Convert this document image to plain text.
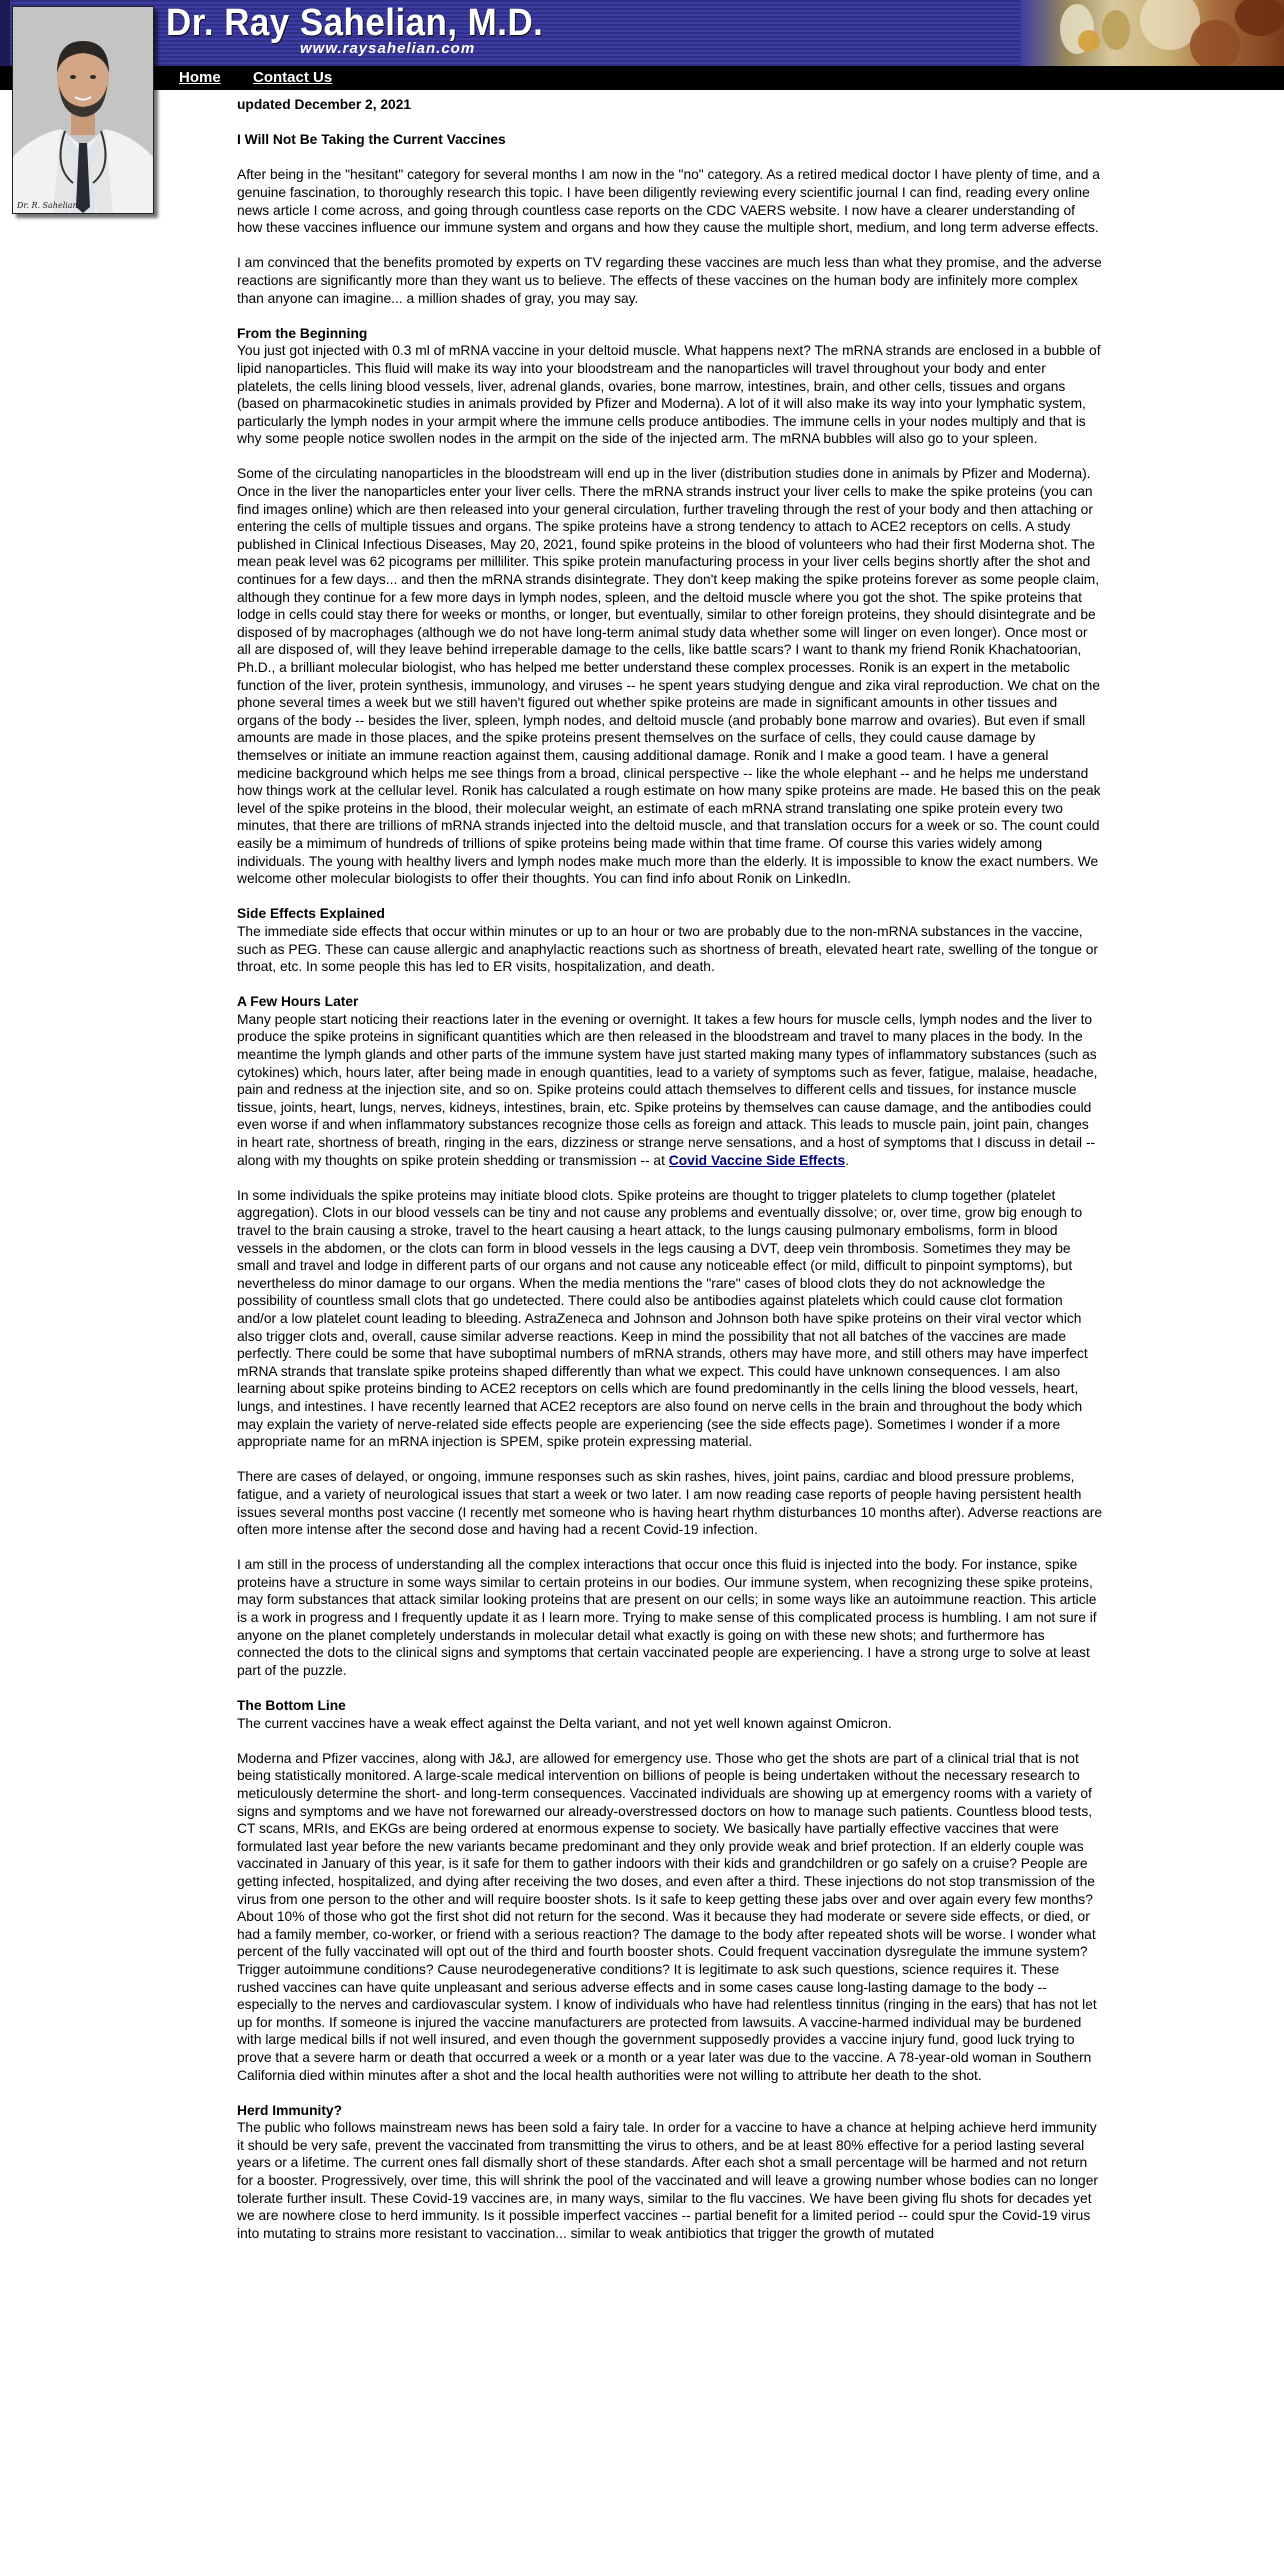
Dr. Ray Sahelian, M.D.
www.raysahelian.com
Home Contact Us
Dr. R. Sahelian

updated December 2, 2021

I Will Not Be Taking the Current Vaccines

After being in the "hesitant" category for several months I am now in the "no" category. As a retired medical doctor I have plenty of time, and a genuine fascination, to thoroughly research this topic. I have been diligently reviewing every scientific journal I can find, reading every online news article I come across, and going through countless case reports on the CDC VAERS website. I now have a clearer understanding of how these vaccines influence our immune system and organs and how they cause the multiple short, medium, and long term adverse effects.

I am convinced that the benefits promoted by experts on TV regarding these vaccines are much less than what they promise, and the adverse reactions are significantly more than they want us to believe. The effects of these vaccines on the human body are infinitely more complex than anyone can imagine... a million shades of gray, you may say.

From the Beginning

You just got injected with 0.3 ml of mRNA vaccine in your deltoid muscle. What happens next? The mRNA strands are enclosed in a bubble of lipid nanoparticles. This fluid will make its way into your bloodstream and the nanoparticles will travel throughout your body and enter platelets, the cells lining blood vessels, liver, adrenal glands, ovaries, bone marrow, intestines, brain, and other cells, tissues and organs (based on pharmacokinetic studies in animals provided by Pfizer and Moderna). A lot of it will also make its way into your lymphatic system, particularly the lymph nodes in your armpit where the immune cells produce antibodies. The immune cells in your nodes multiply and that is why some people notice swollen nodes in the armpit on the side of the injected arm. The mRNA bubbles will also go to your spleen.

Some of the circulating nanoparticles in the bloodstream will end up in the liver (distribution studies done in animals by Pfizer and Moderna). Once in the liver the nanoparticles enter your liver cells. There the mRNA strands instruct your liver cells to make the spike proteins (you can find images online) which are then released into your general circulation, further traveling through the rest of your body and then attaching or entering the cells of multiple tissues and organs. The spike proteins have a strong tendency to attach to ACE2 receptors on cells. A study published in Clinical Infectious Diseases, May 20, 2021, found spike proteins in the blood of volunteers who had their first Moderna shot. The mean peak level was 62 picograms per milliliter. This spike protein manufacturing process in your liver cells begins shortly after the shot and continues for a few days... and then the mRNA strands disintegrate. They don't keep making the spike proteins forever as some people claim, although they continue for a few more days in lymph nodes, spleen, and the deltoid muscle where you got the shot. The spike proteins that lodge in cells could stay there for weeks or months, or longer, but eventually, similar to other foreign proteins, they should disintegrate and be disposed of by macrophages (although we do not have long-term animal study data whether some will linger on even longer). Once most or all are disposed of, will they leave behind irreperable damage to the cells, like battle scars? I want to thank my friend Ronik Khachatoorian, Ph.D., a brilliant molecular biologist, who has helped me better understand these complex processes. Ronik is an expert in the metabolic function of the liver, protein synthesis, immunology, and viruses -- he spent years studying dengue and zika viral reproduction. We chat on the phone several times a week but we still haven't figured out whether spike proteins are made in significant amounts in other tissues and organs of the body -- besides the liver, spleen, lymph nodes, and deltoid muscle (and probably bone marrow and ovaries). But even if small amounts are made in those places, and the spike proteins present themselves on the surface of cells, they could cause damage by themselves or initiate an immune reaction against them, causing additional damage. Ronik and I make a good team. I have a general medicine background which helps me see things from a broad, clinical perspective -- like the whole elephant -- and he helps me understand how things work at the cellular level. Ronik has calculated a rough estimate on how many spike proteins are made. He based this on the peak level of the spike proteins in the blood, their molecular weight, an estimate of each mRNA strand translating one spike protein every two minutes, that there are trillions of mRNA strands injected into the deltoid muscle, and that translation occurs for a week or so. The count could easily be a mimimum of hundreds of trillions of spike proteins being made within that time frame. Of course this varies widely among individuals. The young with healthy livers and lymph nodes make much more than the elderly. It is impossible to know the exact numbers. We welcome other molecular biologists to offer their thoughts. You can find info about Ronik on LinkedIn.

Side Effects Explained

The immediate side effects that occur within minutes or up to an hour or two are probably due to the non-mRNA substances in the vaccine, such as PEG. These can cause allergic and anaphylactic reactions such as shortness of breath, elevated heart rate, swelling of the tongue or throat, etc. In some people this has led to ER visits, hospitalization, and death.

A Few Hours Later

Many people start noticing their reactions later in the evening or overnight. It takes a few hours for muscle cells, lymph nodes and the liver to produce the spike proteins in significant quantities which are then released in the bloodstream and travel to many places in the body. In the meantime the lymph glands and other parts of the immune system have just started making many types of inflammatory substances (such as cytokines) which, hours later, after being made in enough quantities, lead to a variety of symptoms such as fever, fatigue, malaise, headache, pain and redness at the injection site, and so on. Spike proteins could attach themselves to different cells and tissues, for instance muscle tissue, joints, heart, lungs, nerves, kidneys, intestines, brain, etc. Spike proteins by themselves can cause damage, and the antibodies could even worse if and when inflammatory substances recognize those cells as foreign and attack. This leads to muscle pain, joint pain, changes in heart rate, shortness of breath, ringing in the ears, dizziness or strange nerve sensations, and a host of symptoms that I discuss in detail -- along with my thoughts on spike protein shedding or transmission -- at Covid Vaccine Side Effects.

In some individuals the spike proteins may initiate blood clots. Spike proteins are thought to trigger platelets to clump together (platelet aggregation). Clots in our blood vessels can be tiny and not cause any problems and eventually dissolve; or, over time, grow big enough to travel to the brain causing a stroke, travel to the heart causing a heart attack, to the lungs causing pulmonary embolisms, form in blood vessels in the abdomen, or the clots can form in blood vessels in the legs causing a DVT, deep vein thrombosis. Sometimes they may be small and travel and lodge in different parts of our organs and not cause any noticeable effect (or mild, difficult to pinpoint symptoms), but nevertheless do minor damage to our organs. When the media mentions the "rare" cases of blood clots they do not acknowledge the possibility of countless small clots that go undetected. There could also be antibodies against platelets which could cause clot formation and/or a low platelet count leading to bleeding. AstraZeneca and Johnson and Johnson both have spike proteins on their viral vector which also trigger clots and, overall, cause similar adverse reactions. Keep in mind the possibility that not all batches of the vaccines are made perfectly. There could be some that have suboptimal numbers of mRNA strands, others may have more, and still others may have imperfect mRNA strands that translate spike proteins shaped differently than what we expect. This could have unknown consequences. I am also learning about spike proteins binding to ACE2 receptors on cells which are found predominantly in the cells lining the blood vessels, heart, lungs, and intestines. I have recently learned that ACE2 receptors are also found on nerve cells in the brain and throughout the body which may explain the variety of nerve-related side effects people are experiencing (see the side effects page). Sometimes I wonder if a more appropriate name for an mRNA injection is SPEM, spike protein expressing material.

There are cases of delayed, or ongoing, immune responses such as skin rashes, hives, joint pains, cardiac and blood pressure problems, fatigue, and a variety of neurological issues that start a week or two later. I am now reading case reports of people having persistent health issues several months post vaccine (I recently met someone who is having heart rhythm disturbances 10 months after). Adverse reactions are often more intense after the second dose and having had a recent Covid-19 infection.

I am still in the process of understanding all the complex interactions that occur once this fluid is injected into the body. For instance, spike proteins have a structure in some ways similar to certain proteins in our bodies. Our immune system, when recognizing these spike proteins, may form substances that attack similar looking proteins that are present on our cells; in some ways like an autoimmune reaction. This article is a work in progress and I frequently update it as I learn more. Trying to make sense of this complicated process is humbling. I am not sure if anyone on the planet completely understands in molecular detail what exactly is going on with these new shots; and furthermore has connected the dots to the clinical signs and symptoms that certain vaccinated people are experiencing. I have a strong urge to solve at least part of the puzzle.

The Bottom Line

The current vaccines have a weak effect against the Delta variant, and not yet well known against Omicron.

Moderna and Pfizer vaccines, along with J&J, are allowed for emergency use. Those who get the shots are part of a clinical trial that is not being statistically monitored. A large-scale medical intervention on billions of people is being undertaken without the necessary research to meticulously determine the short- and long-term consequences. Vaccinated individuals are showing up at emergency rooms with a variety of signs and symptoms and we have not forewarned our already-overstressed doctors on how to manage such patients. Countless blood tests, CT scans, MRIs, and EKGs are being ordered at enormous expense to society. We basically have partially effective vaccines that were formulated last year before the new variants became predominant and they only provide weak and brief protection. If an elderly couple was vaccinated in January of this year, is it safe for them to gather indoors with their kids and grandchildren or go safely on a cruise? People are getting infected, hospitalized, and dying after receiving the two doses, and even after a third. These injections do not stop transmission of the virus from one person to the other and will require booster shots. Is it safe to keep getting these jabs over and over again every few months? About 10% of those who got the first shot did not return for the second. Was it because they had moderate or severe side effects, or died, or had a family member, co-worker, or friend with a serious reaction? The damage to the body after repeated shots will be worse. I wonder what percent of the fully vaccinated will opt out of the third and fourth booster shots. Could frequent vaccination dysregulate the immune system? Trigger autoimmune conditions? Cause neurodegenerative conditions? It is legitimate to ask such questions, science requires it. These rushed vaccines can have quite unpleasant and serious adverse effects and in some cases cause long-lasting damage to the body -- especially to the nerves and cardiovascular system. I know of individuals who have had relentless tinnitus (ringing in the ears) that has not let up for months. If someone is injured the vaccine manufacturers are protected from lawsuits. A vaccine-harmed individual may be burdened with large medical bills if not well insured, and even though the government supposedly provides a vaccine injury fund, good luck trying to prove that a severe harm or death that occurred a week or a month or a year later was due to the vaccine. A 78-year-old woman in Southern California died within minutes after a shot and the local health authorities were not willing to attribute her death to the shot.

Herd Immunity?

The public who follows mainstream news has been sold a fairy tale. In order for a vaccine to have a chance at helping achieve herd immunity it should be very safe, prevent the vaccinated from transmitting the virus to others, and be at least 80% effective for a period lasting several years or a lifetime. The current ones fall dismally short of these standards. After each shot a small percentage will be harmed and not return for a booster. Progressively, over time, this will shrink the pool of the vaccinated and will leave a growing number whose bodies can no longer tolerate further insult. These Covid-19 vaccines are, in many ways, similar to the flu vaccines. We have been giving flu shots for decades yet we are nowhere close to herd immunity. Is it possible imperfect vaccines -- partial benefit for a limited period -- could spur the Covid-19 virus into mutating to strains more resistant to vaccination... similar to weak antibiotics that trigger the growth of mutated
